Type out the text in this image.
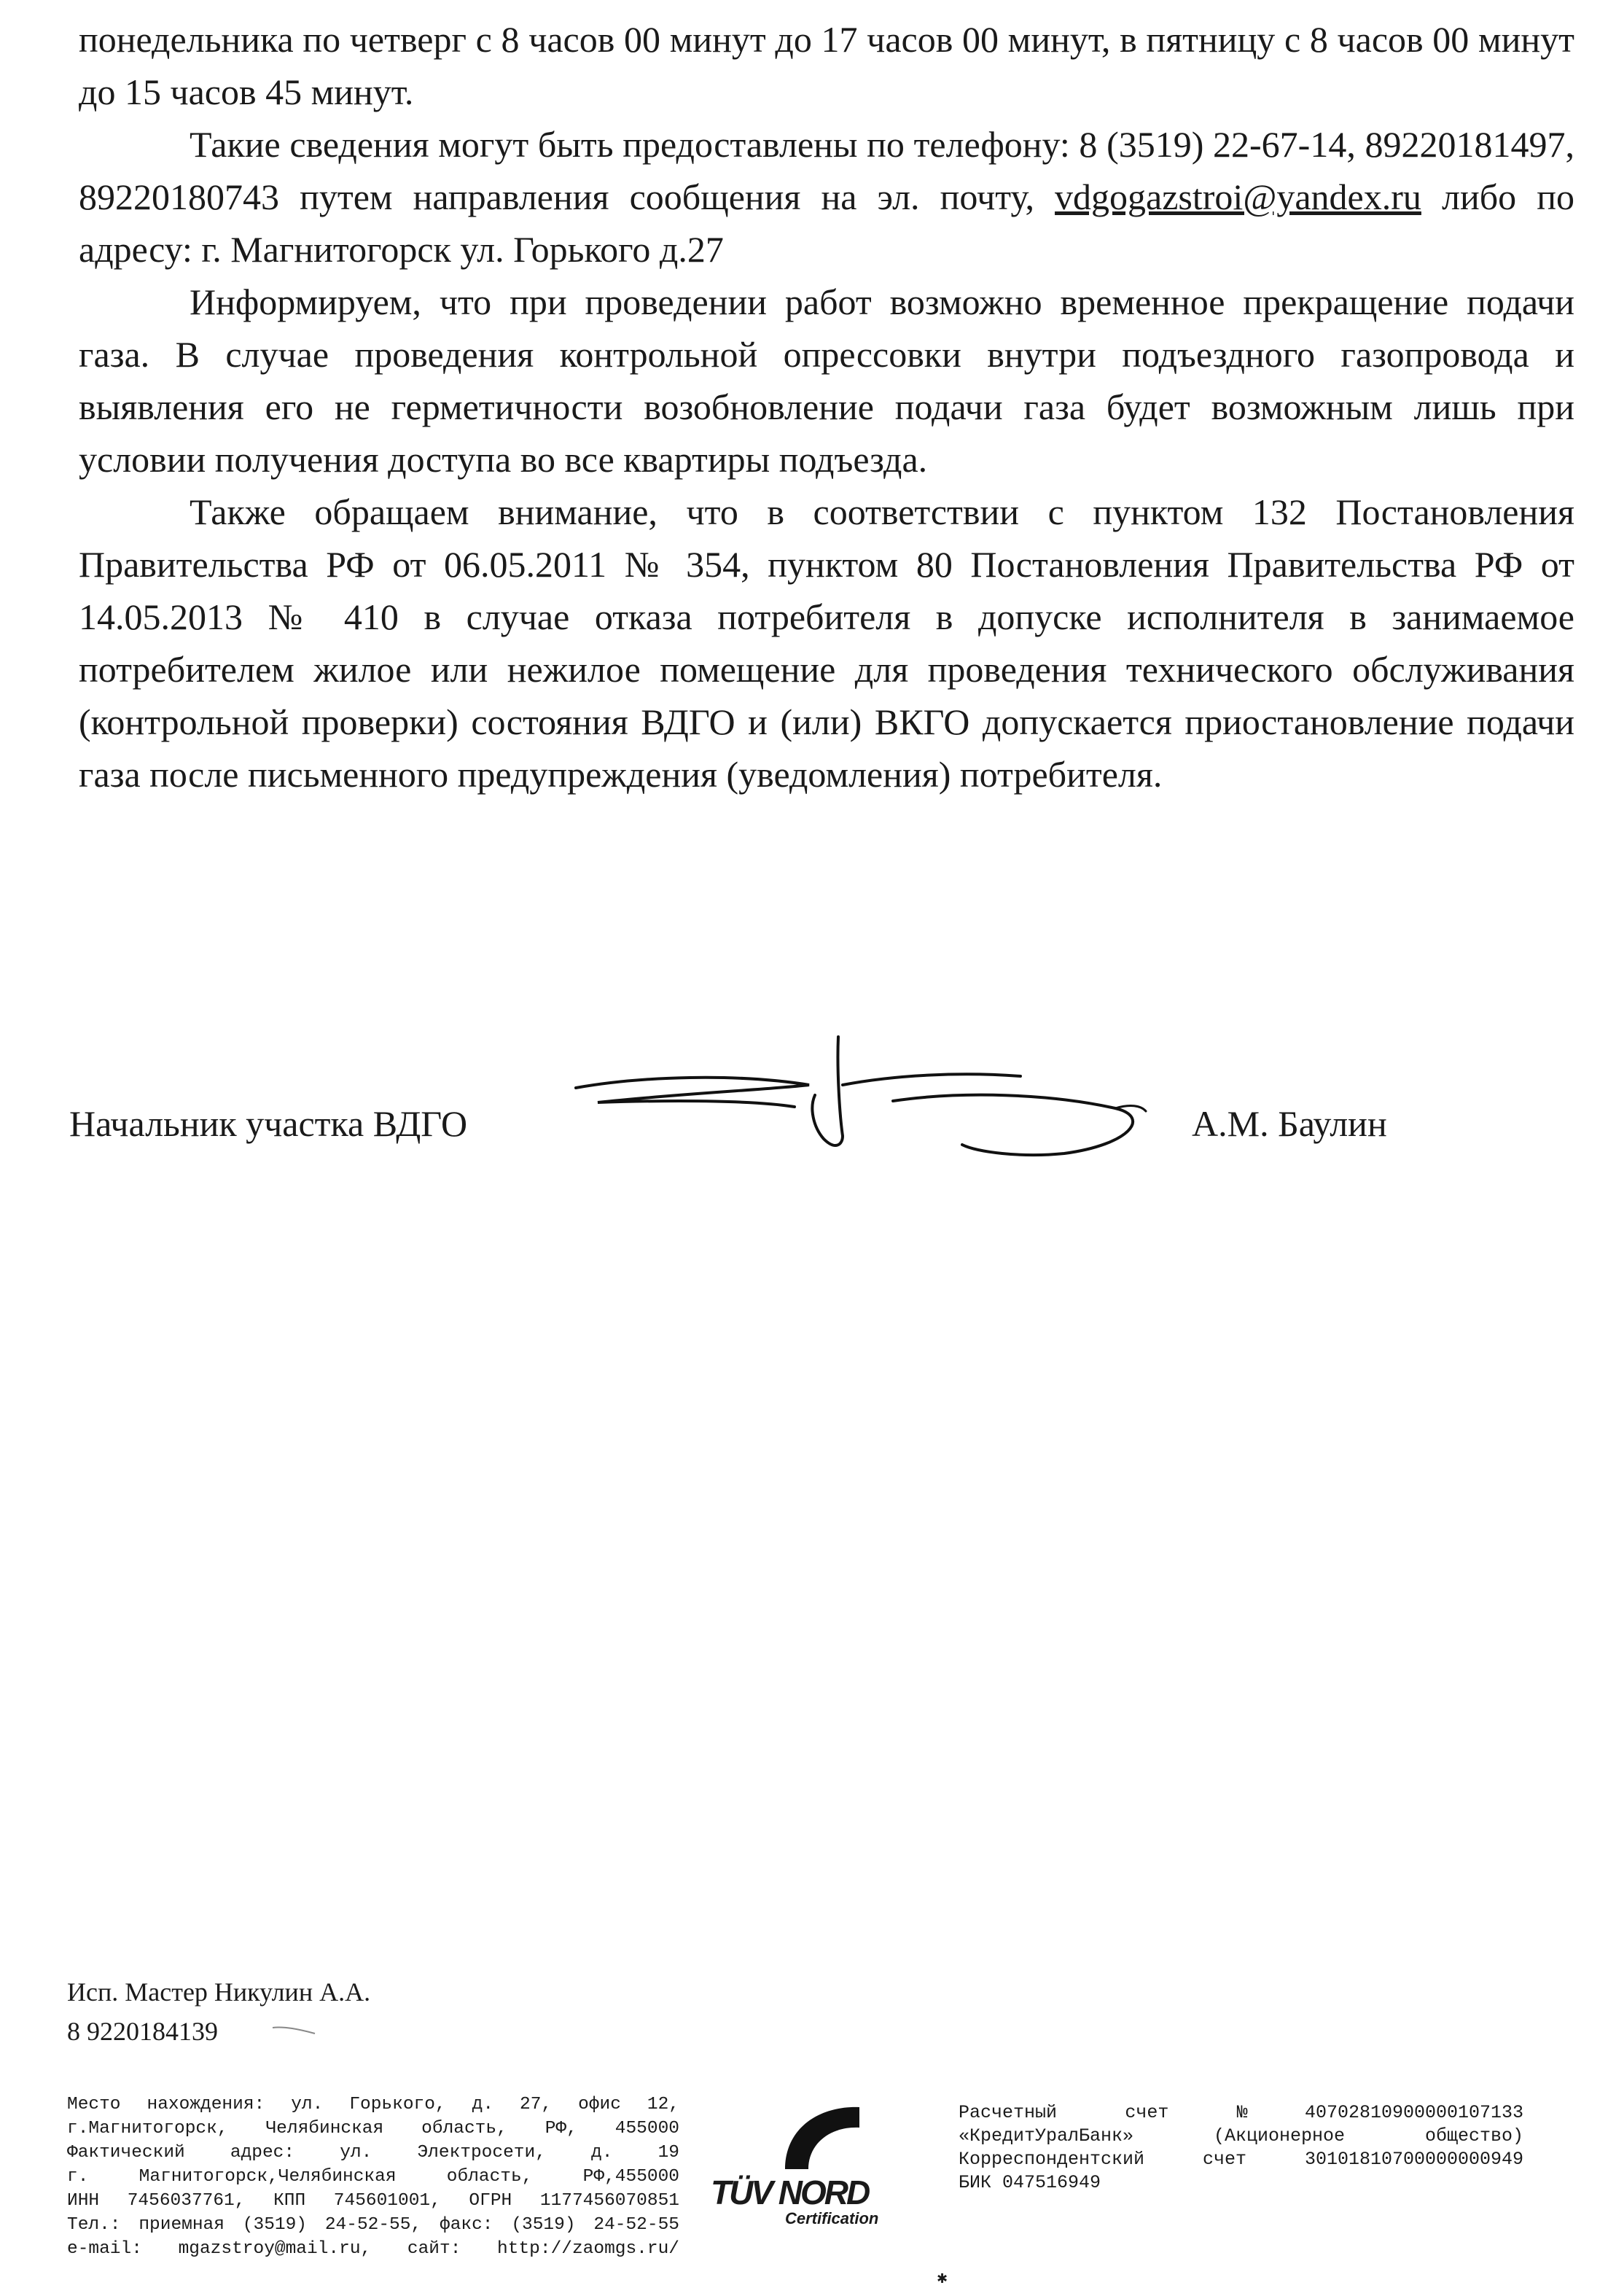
понедельника по четверг с 8 часов 00 минут до 17 часов 00 минут, в пятницу с 8 часов 00 минут до 15 часов 45 минут.

Такие сведения могут быть предоставлены по телефону: 8 (3519) 22-67-14, 89220181497, 89220180743 путем направления сообщения на эл. почту, vdgogazstroi@yandex.ru либо по адресу: г. Магнитогорск ул. Горького д.27

Информируем, что при проведении работ возможно временное прекращение подачи газа. В случае проведения контрольной опрессовки внутри подъездного газопровода и выявления его не герметичности возобновление подачи газа будет возможным лишь при условии получения доступа во все квартиры подъезда.

Также обращаем внимание, что в соответствии с пунктом 132 Постановления Правительства РФ от 06.05.2011 № 354, пунктом 80 Постановления Правительства РФ от 14.05.2013 № 410 в случае отказа потребителя в допуске исполнителя в занимаемое потребителем жилое или нежилое помещение для проведения технического обслуживания (контрольной проверки) состояния ВДГО и (или) ВКГО допускается приостановление подачи газа после письменного предупреждения (уведомления) потребителя.

Начальник участка ВДГО	А.М. Баулин
Исп. Мастер Никулин А.А.
8 9220184139
Место нахождения: ул. Горького, д. 27, офис 12,
г.Магнитогорск, Челябинская область, РФ, 455000
Фактический адрес: ул. Электросети, д. 19
г. Магнитогорск,Челябинская область, РФ,455000
ИНН 7456037761, КПП 745601001, ОГРН 1177456070851
Тел.: приемная (3519) 24-52-55, факс: (3519) 24-52-55
e-mail: mgazstroy@mail.ru, сайт: http://zaomgs.ru/
TÜV NORD
Certification
Расчетный счет №40702810900000107133
«КредитУралБанк» (Акционерное общество)
Корреспондентский счет 30101810700000000949
БИК 047516949
✱
